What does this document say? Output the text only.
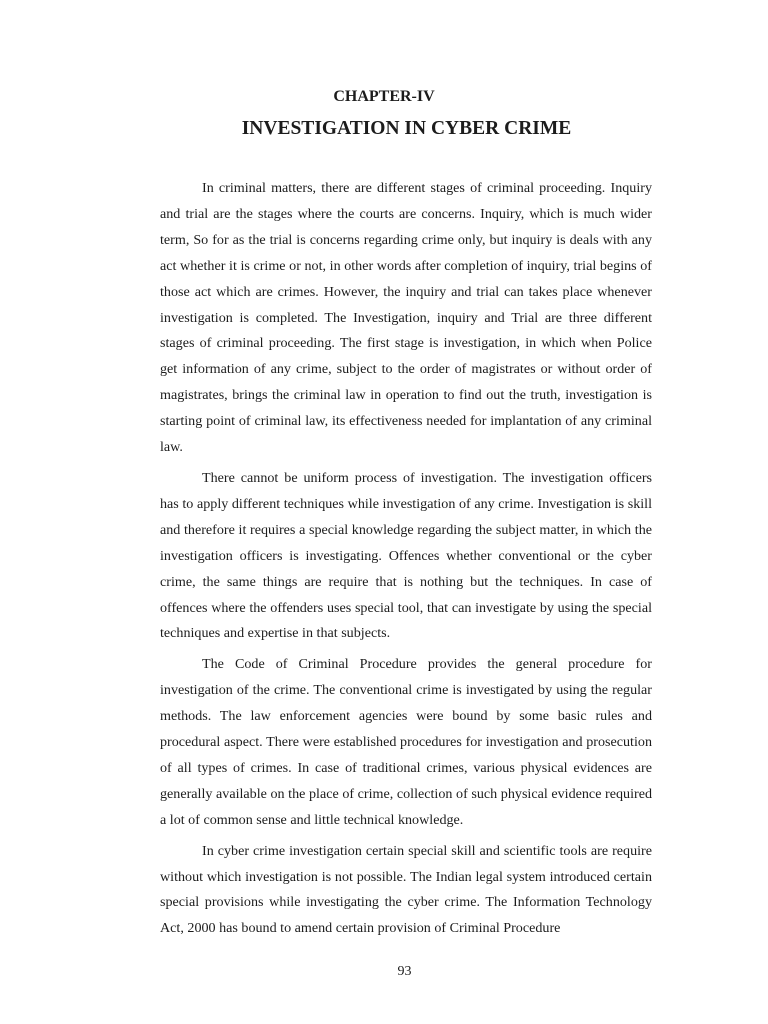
CHAPTER-IV
INVESTIGATION IN CYBER CRIME

In criminal matters, there are different stages of criminal proceeding. Inquiry and trial are the stages where the courts are concerns. Inquiry, which is much wider term, So for as the trial is concerns regarding crime only, but inquiry is deals with any act whether it is crime or not, in other words after completion of inquiry, trial begins of those act which are crimes. However, the inquiry and trial can takes place whenever investigation is completed. The Investigation, inquiry and Trial are three different stages of criminal proceeding. The first stage is investigation, in which when Police get information of any crime, subject to the order of magistrates or without order of magistrates, brings the criminal law in operation to find out the truth, investigation is starting point of criminal law, its effectiveness needed for implantation of any criminal law.

There cannot be uniform process of investigation. The investigation officers has to apply different techniques while investigation of any crime. Investigation is skill and therefore it requires a special knowledge regarding the subject matter, in which the investigation officers is investigating. Offences whether conventional or the cyber crime, the same things are require that is nothing but the techniques. In case of offences where the offenders uses special tool, that can investigate by using the special techniques and expertise in that subjects.

The Code of Criminal Procedure provides the general procedure for investigation of the crime. The conventional crime is investigated by using the regular methods. The law enforcement agencies were bound by some basic rules and procedural aspect. There were established procedures for investigation and prosecution of all types of crimes. In case of traditional crimes, various physical evidences are generally available on the place of crime, collection of such physical evidence required a lot of common sense and little technical knowledge.

In cyber crime investigation certain special skill and scientific tools are require without which investigation is not possible. The Indian legal system introduced certain special provisions while investigating the cyber crime. The Information Technology Act, 2000 has bound to amend certain provision of Criminal Procedure

93
